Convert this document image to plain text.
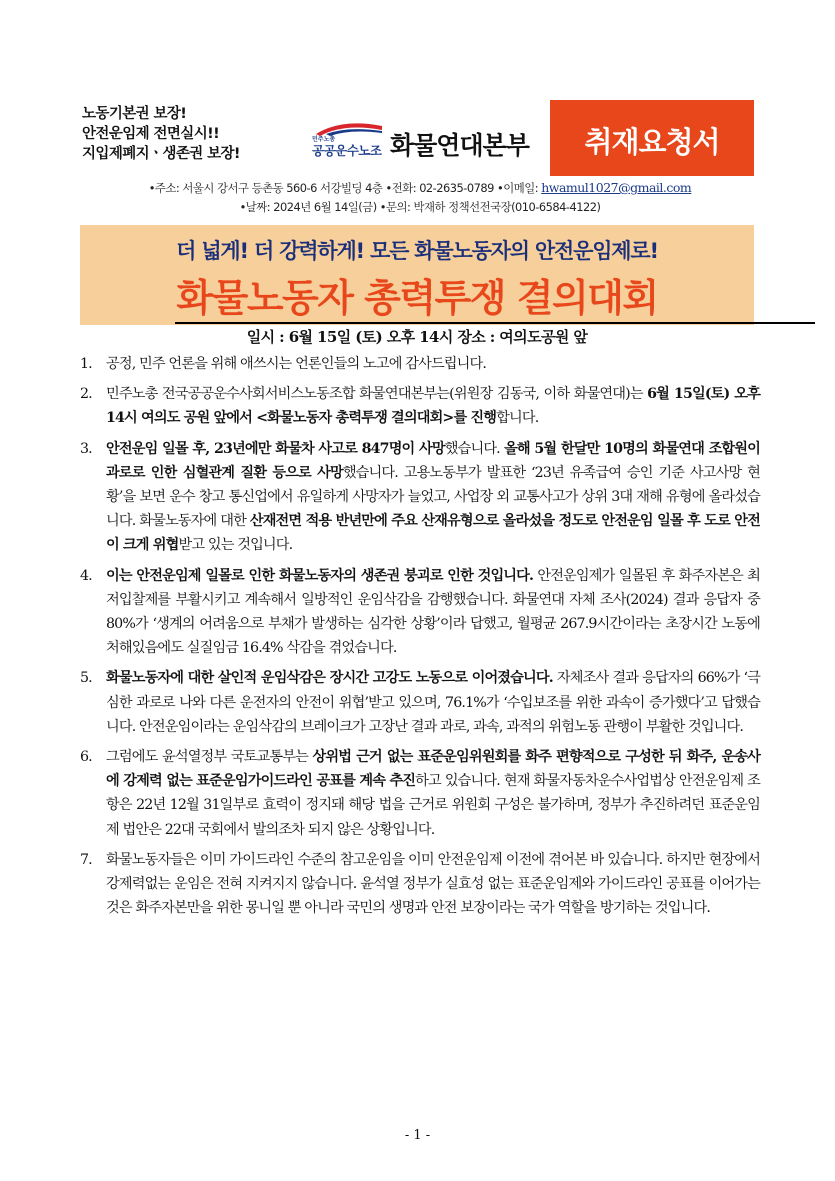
노동기본권 보장!
안전운임제 전면실시!!
지입제폐지ㆍ생존권 보장!
민주노총
공공운수노조 화물연대본부	취재요청서
•주소: 서울시 강서구 등촌동 560-6 서강빌딩 4층 •전화: 02-2635-0789 •이메일: hwamul1027@gmail.com
•날짜: 2024년 6월 14일(금) •문의: 박재하 정책선전국장(010-6584-4122)
더 넓게! 더 강력하게! 모든 화물노동자의 안전운임제로!
화물노동자 총력투쟁 결의대회
일시 : 6월 15일 (토) 오후 14시 장소 : 여의도공원 앞
1. 공정, 민주 언론을 위해 애쓰시는 언론인들의 노고에 감사드립니다.
2. 민주노총 전국공공운수사회서비스노동조합 화물연대본부는(위원장 김동국, 이하 화물연대)는 6월 15일(토) 오후 14시 여의도 공원 앞에서 <화물노동자 총력투쟁 결의대회>를 진행합니다.
3. 안전운임 일몰 후, 23년에만 화물차 사고로 847명이 사망했습니다. 올해 5월 한달만 10명의 화물연대 조합원이 과로로 인한 심혈관계 질환 등으로 사망했습니다. 고용노동부가 발표한 ‘23년 유족급여 승인 기준 사고사망 현황’을 보면 운수 창고 통신업에서 유일하게 사망자가 늘었고, 사업장 외 교통사고가 상위 3대 재해 유형에 올라섰습니다. 화물노동자에 대한 산재전면 적용 반년만에 주요 산재유형으로 올라섰을 정도로 안전운임 일몰 후 도로 안전이 크게 위협받고 있는 것입니다.
4. 이는 안전운임제 일몰로 인한 화물노동자의 생존권 붕괴로 인한 것입니다. 안전운임제가 일몰된 후 화주자본은 최저입찰제를 부활시키고 계속해서 일방적인 운임삭감을 감행했습니다. 화물연대 자체 조사(2024) 결과 응답자 중 80%가 ‘생계의 어려움으로 부채가 발생하는 심각한 상황’이라 답했고, 월평균 267.9시간이라는 초장시간 노동에 처해있음에도 실질임금 16.4% 삭감을 겪었습니다.
5. 화물노동자에 대한 살인적 운임삭감은 장시간 고강도 노동으로 이어졌습니다. 자체조사 결과 응답자의 66%가 ‘극심한 과로로 나와 다른 운전자의 안전이 위협’받고 있으며, 76.1%가 ‘수입보조를 위한 과속이 증가했다’고 답했습니다. 안전운임이라는 운임삭감의 브레이크가 고장난 결과 과로, 과속, 과적의 위험노동 관행이 부활한 것입니다.
6. 그럼에도 윤석열정부 국토교통부는 상위법 근거 없는 표준운임위원회를 화주 편향적으로 구성한 뒤 화주, 운송사에 강제력 없는 표준운임가이드라인 공표를 계속 추진하고 있습니다. 현재 화물자동차운수사업법상 안전운임제 조항은 22년 12월 31일부로 효력이 정지돼 해당 법을 근거로 위원회 구성은 불가하며, 정부가 추진하려던 표준운임제 법안은 22대 국회에서 발의조차 되지 않은 상황입니다.
7. 화물노동자들은 이미 가이드라인 수준의 참고운임을 이미 안전운임제 이전에 겪어본 바 있습니다. 하지만 현장에서 강제력없는 운임은 전혀 지켜지지 않습니다. 윤석열 정부가 실효성 없는 표준운임제와 가이드라인 공표를 이어가는 것은 화주자본만을 위한 몽니일 뿐 아니라 국민의 생명과 안전 보장이라는 국가 역할을 방기하는 것입니다.
- 1 -
